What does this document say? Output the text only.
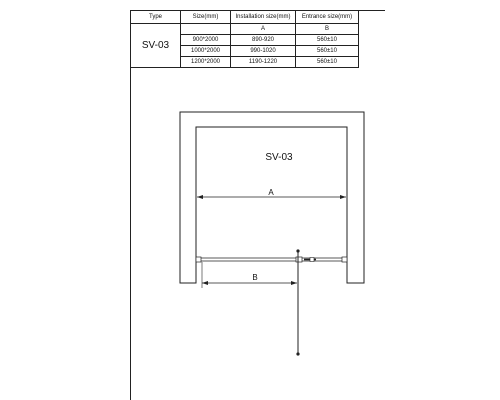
Type	Size(mm)	Installation size(mm)	Entrance size(mm)
SV-03		A	B
	900*2000	890-920	560±10
	1000*2000	990-1020	560±10
	1200*2000	1190-1220	560±10
SV-03
A
B
